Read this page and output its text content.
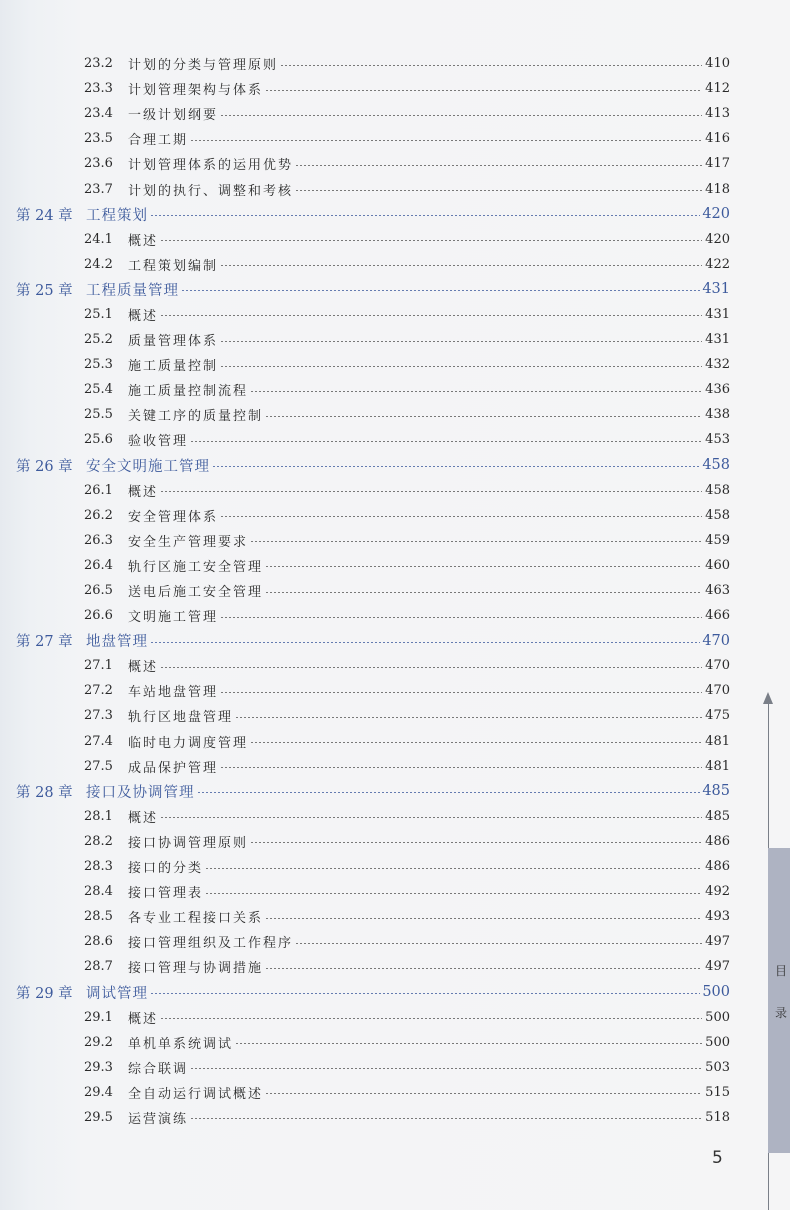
23.2	计划的分类与管理原则	410
23.3	计划管理架构与体系	412
23.4	一级计划纲要	413
23.5	合理工期	416
23.6	计划管理体系的运用优势	417
23.7	计划的执行、调整和考核	418
第 24 章 工程策划	420
24.1	概述	420
24.2	工程策划编制	422
第 25 章 工程质量管理	431
25.1	概述	431
25.2	质量管理体系	431
25.3	施工质量控制	432
25.4	施工质量控制流程	436
25.5	关键工序的质量控制	438
25.6	验收管理	453
第 26 章 安全文明施工管理	458
26.1	概述	458
26.2	安全管理体系	458
26.3	安全生产管理要求	459
26.4	轨行区施工安全管理	460
26.5	送电后施工安全管理	463
26.6	文明施工管理	466
第 27 章 地盘管理	470
27.1	概述	470
27.2	车站地盘管理	470
27.3	轨行区地盘管理	475
27.4	临时电力调度管理	481
27.5	成品保护管理	481
第 28 章 接口及协调管理	485
28.1	概述	485
28.2	接口协调管理原则	486
28.3	接口的分类	486
28.4	接口管理表	492
28.5	各专业工程接口关系	493
28.6	接口管理组织及工作程序	497
28.7	接口管理与协调措施	497
第 29 章 调试管理	500
29.1	概述	500
29.2	单机单系统调试	500
29.3	综合联调	503
29.4	全自动运行调试概述	515
29.5	运营演练	518
目
录
5
